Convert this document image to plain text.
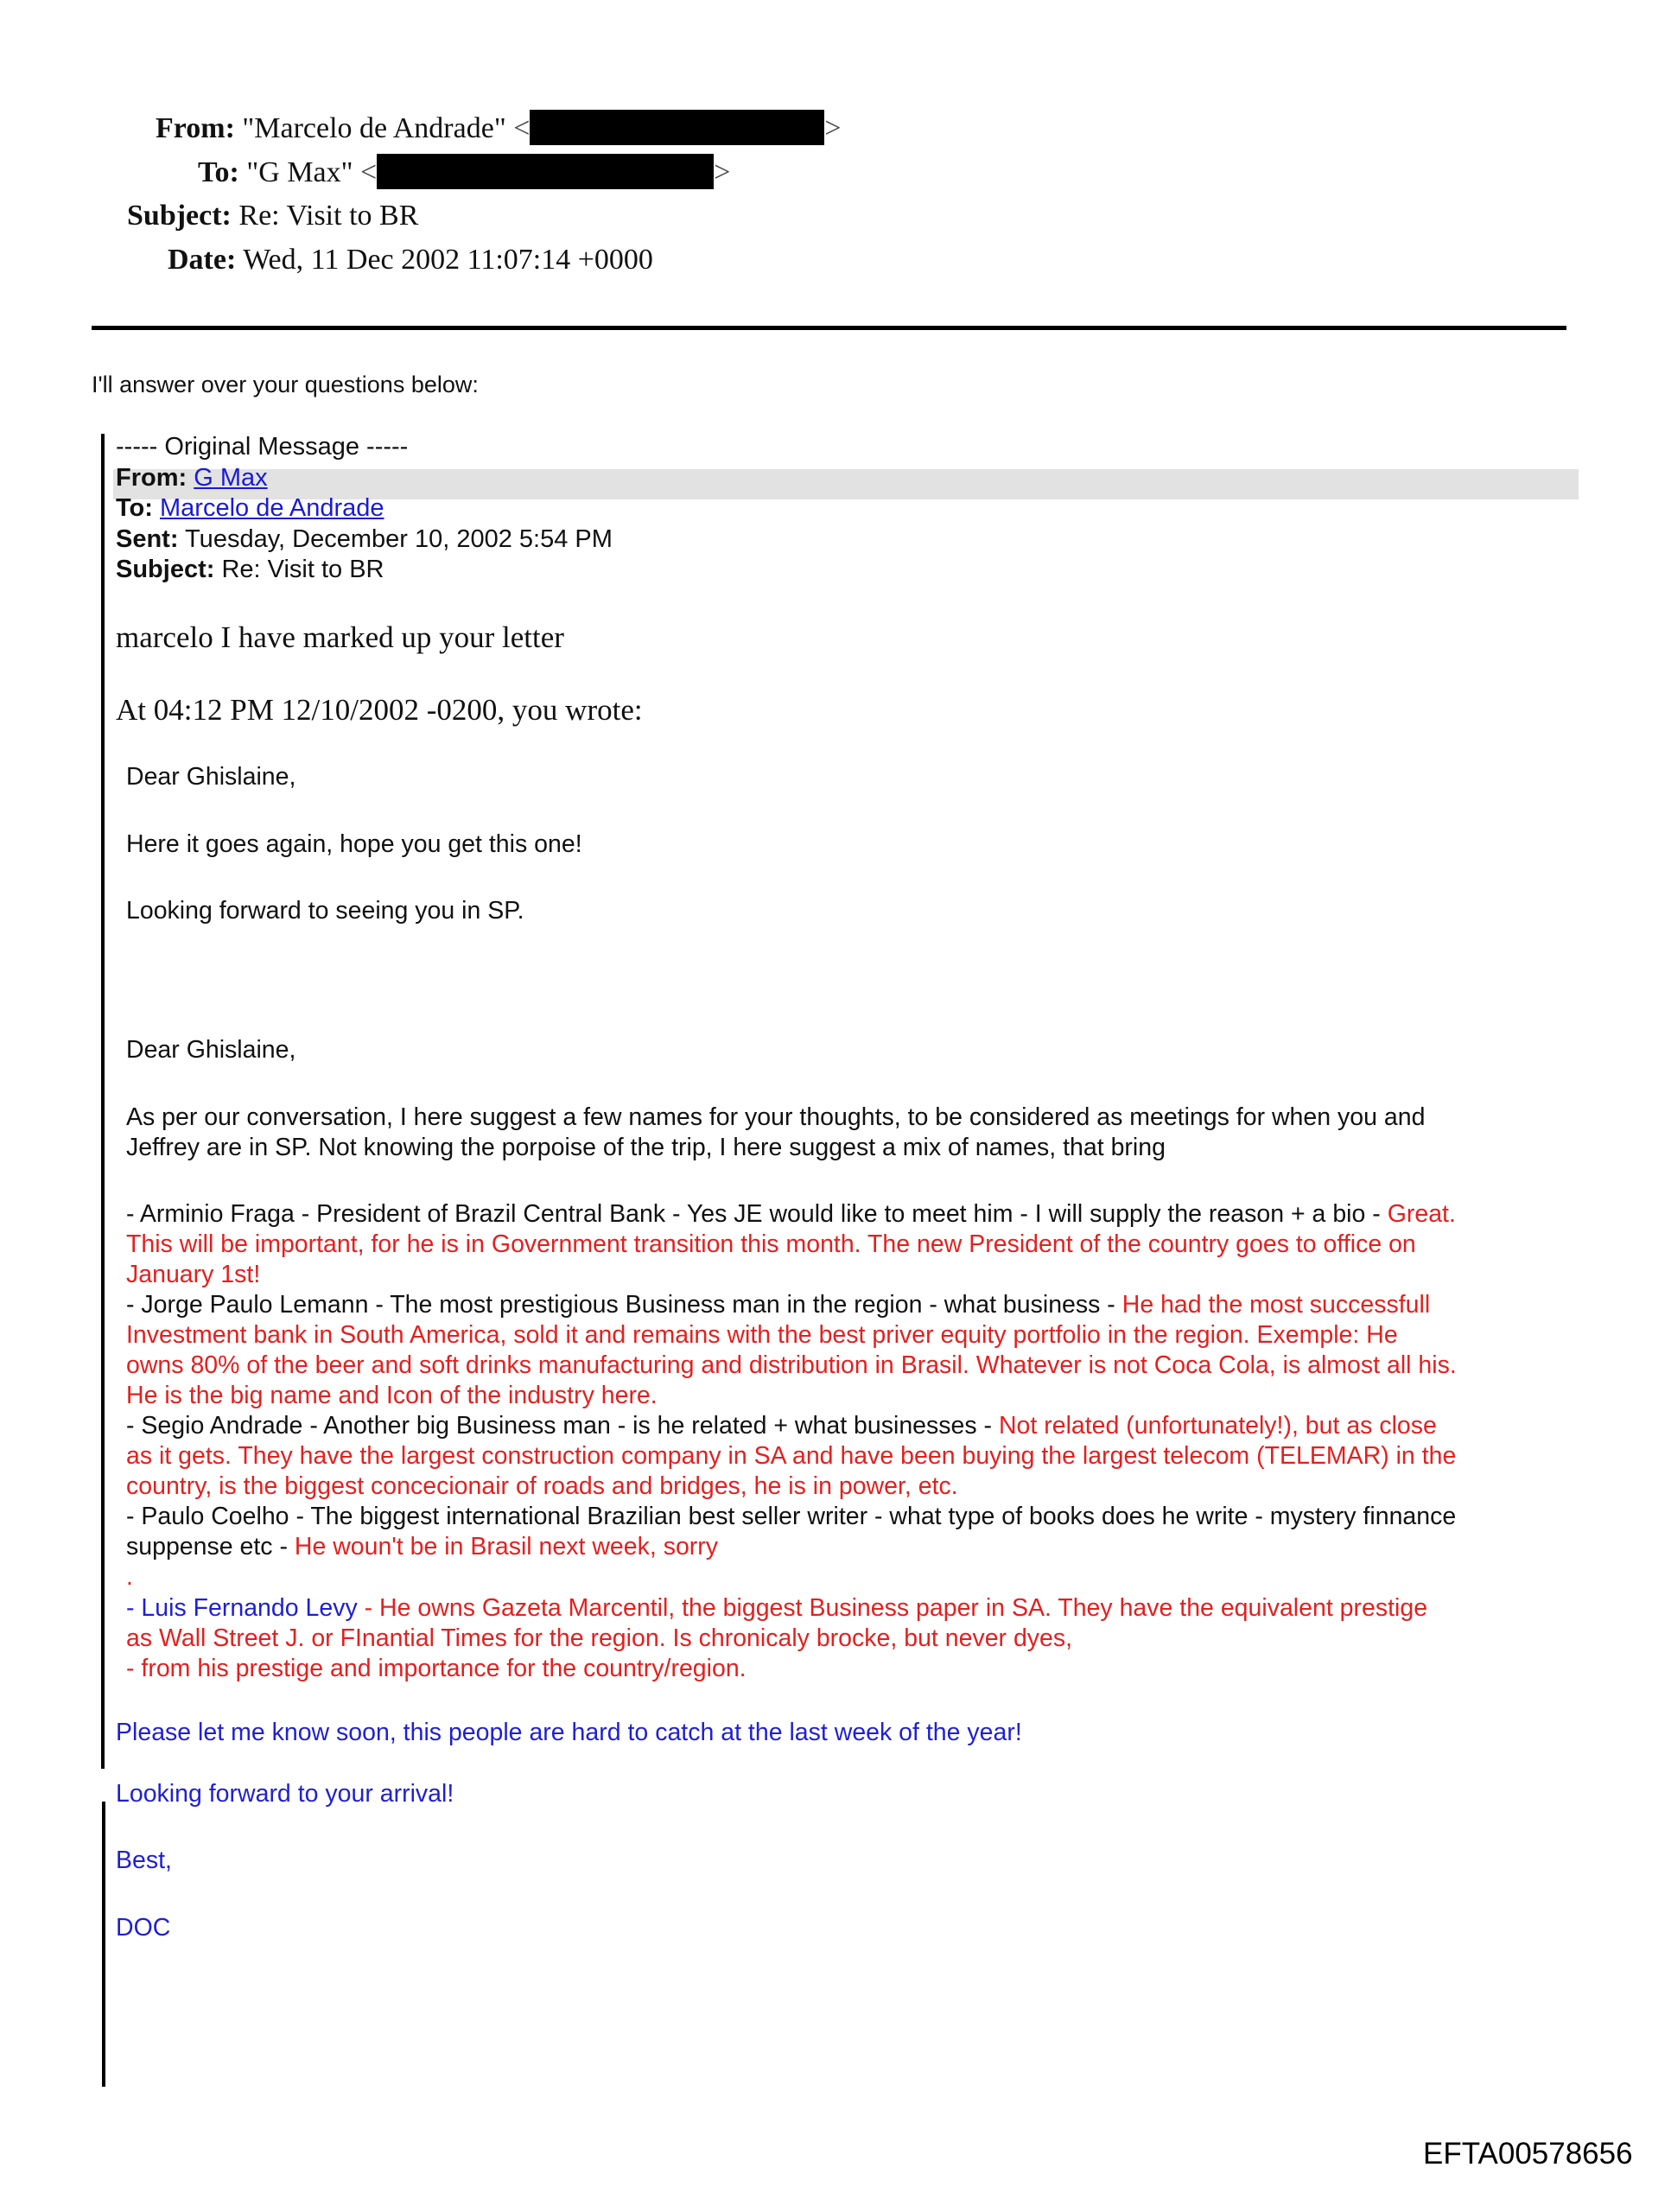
From: "Marcelo de Andrade" <	>
To: "G Max" <	>
Subject: Re: Visit to BR
Date: Wed, 11 Dec 2002 11:07:14 +0000
I'll answer over your questions below:
----- Original Message -----
From: G Max
To: Marcelo de Andrade
Sent: Tuesday, December 10, 2002 5:54 PM
Subject: Re: Visit to BR
marcelo I have marked up your letter
At 04:12 PM 12/10/2002 -0200, you wrote:
Dear Ghislaine,
Here it goes again, hope you get this one!
Looking forward to seeing you in SP.
Dear Ghislaine,
As per our conversation, I here suggest a few names for your thoughts, to be considered as meetings for when you and
Jeffrey are in SP. Not knowing the porpoise of the trip, I here suggest a mix of names, that bring
- Arminio Fraga - President of Brazil Central Bank - Yes JE would like to meet him - I will supply the reason + a bio - Great.
This will be important, for he is in Government transition this month. The new President of the country goes to office on
January 1st!
- Jorge Paulo Lemann - The most prestigious Business man in the region - what business - He had the most successfull
Investment bank in South America, sold it and remains with the best priver equity portfolio in the region. Exemple: He
owns 80% of the beer and soft drinks manufacturing and distribution in Brasil. Whatever is not Coca Cola, is almost all his.
He is the big name and Icon of the industry here.
- Segio Andrade - Another big Business man - is he related + what businesses - Not related (unfortunately!), but as close
as it gets. They have the largest construction company in SA and have been buying the largest telecom (TELEMAR) in the
country, is the biggest concecionair of roads and bridges, he is in power, etc.
- Paulo Coelho - The biggest international Brazilian best seller writer - what type of books does he write - mystery finnance
suppense etc - He woun't be in Brasil next week, sorry
.
- Luis Fernando Levy - He owns Gazeta Marcentil, the biggest Business paper in SA. They have the equivalent prestige
as Wall Street J. or FInantial Times for the region. Is chronicaly brocke, but never dyes,
- from his prestige and importance for the country/region.
Please let me know soon, this people are hard to catch at the last week of the year!
Looking forward to your arrival!
Best,
DOC
EFTA00578656
